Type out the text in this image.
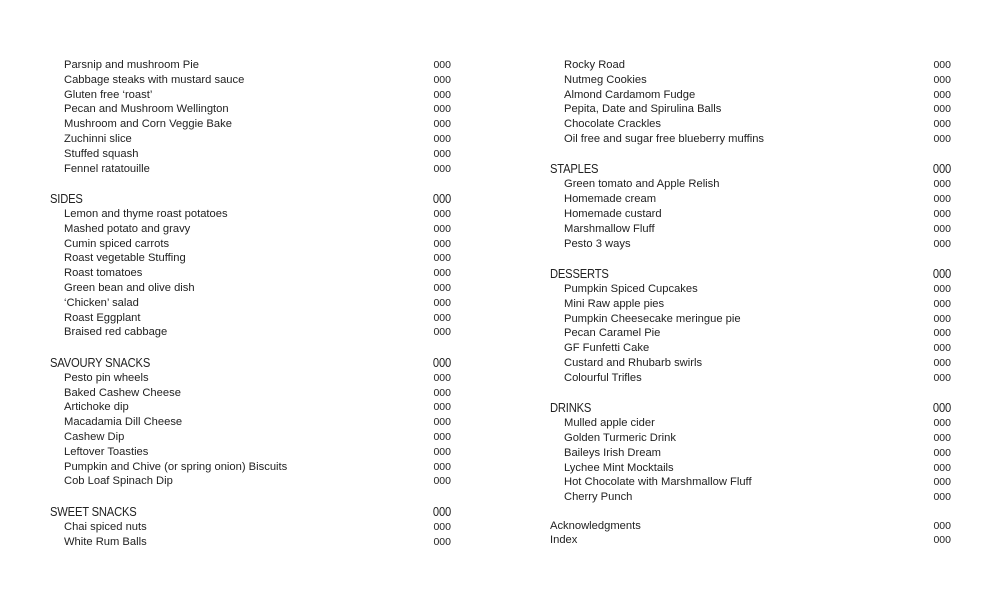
Parsnip and mushroom Pie	000
Cabbage steaks with mustard sauce	000
Gluten free ‘roast’	000
Pecan and Mushroom Wellington	000
Mushroom and Corn Veggie Bake	000
Zuchinni slice	000
Stuffed squash	000
Fennel ratatouille	000
SIDES	000
Lemon and thyme roast potatoes	000
Mashed potato and gravy	000
Cumin spiced carrots	000
Roast vegetable Stuffing	000
Roast tomatoes	000
Green bean and olive dish	000
‘Chicken’ salad	000
Roast Eggplant	000
Braised red cabbage	000
SAVOURY SNACKS	000
Pesto pin wheels	000
Baked Cashew Cheese	000
Artichoke dip	000
Macadamia Dill Cheese	000
Cashew Dip	000
Leftover Toasties	000
Pumpkin and Chive (or spring onion) Biscuits	000
Cob Loaf Spinach Dip	000
SWEET SNACKS	000
Chai spiced nuts	000
White Rum Balls	000
Rocky Road	000
Nutmeg Cookies	000
Almond Cardamom Fudge	000
Pepita, Date and Spirulina Balls	000
Chocolate Crackles	000
Oil free and sugar free blueberry muffins	000
STAPLES	000
Green tomato and Apple Relish	000
Homemade cream	000
Homemade custard	000
Marshmallow Fluff	000
Pesto 3 ways	000
DESSERTS	000
Pumpkin Spiced Cupcakes	000
Mini Raw apple pies	000
Pumpkin Cheesecake meringue pie	000
Pecan Caramel Pie	000
GF Funfetti Cake	000
Custard and Rhubarb swirls	000
Colourful Trifles	000
DRINKS	000
Mulled apple cider	000
Golden Turmeric Drink	000
Baileys Irish Dream	000
Lychee Mint Mocktails	000
Hot Chocolate with Marshmallow Fluff	000
Cherry Punch	000
Acknowledgments	000
Index	000
